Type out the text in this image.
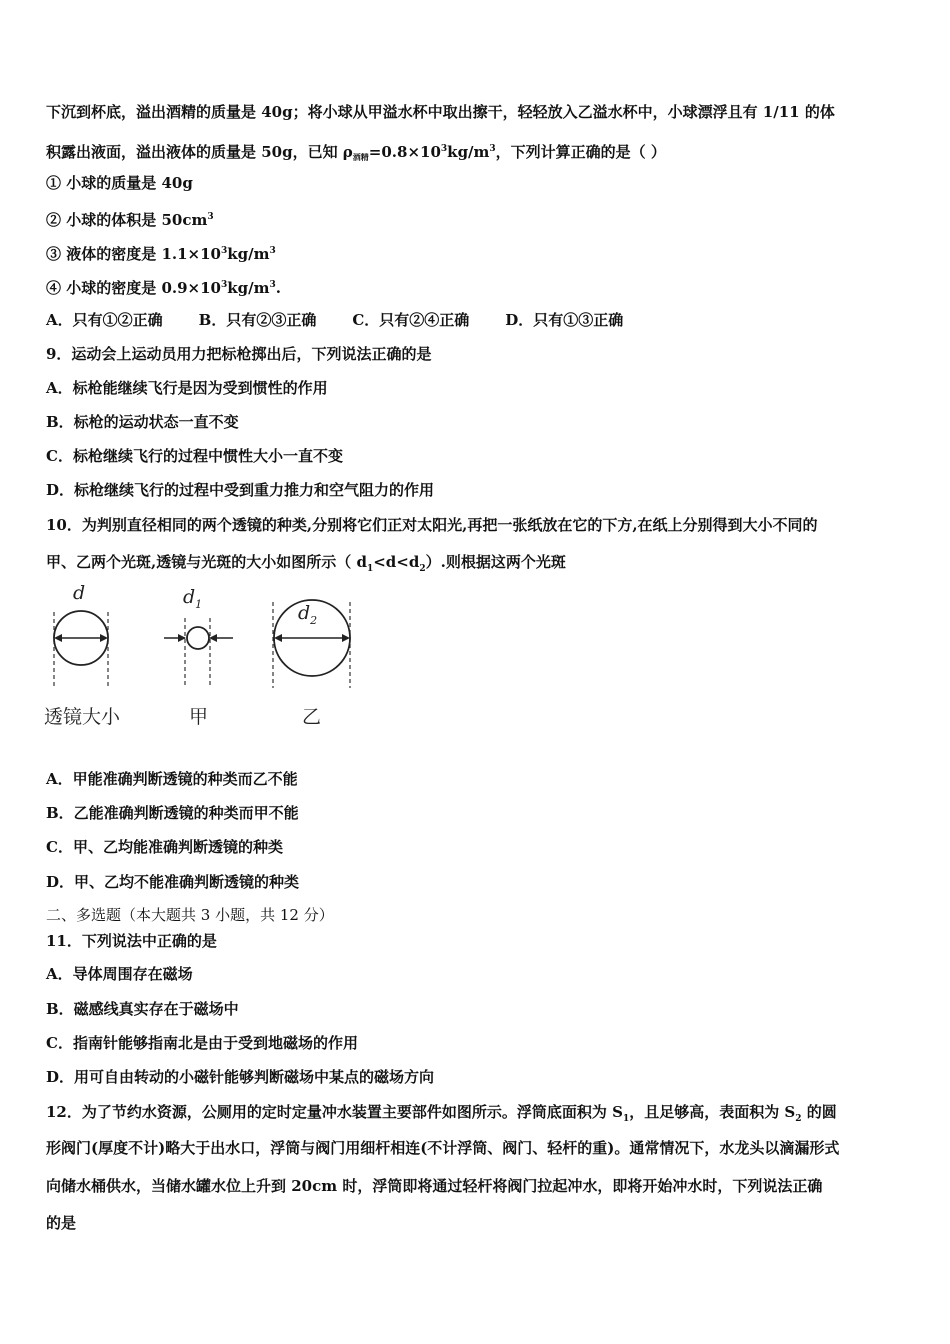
下沉到杯底，溢出酒精的质量是 40g；将小球从甲溢水杯中取出擦干，轻轻放入乙溢水杯中，小球漂浮且有 1/11 的体
积露出液面，溢出液体的质量是 50g，已知 $\rho_{酒精}=0.8\times 10^3kg/m^3$，下列计算正确的是（ ）
① 小球的质量是 40g
② 小球的体积是 $50cm^3$
③ 液体的密度是 $1.1\times 10^3kg/m^3$
④ 小球的密度是 $0.9\times 10^3kg/m^3$.
A．只有①②正确 B．只有②③正确 C．只有②④正确 D．只有①③正确
9．运动会上运动员用力把标枪掷出后，下列说法正确的是
A．标枪能继续飞行是因为受到惯性的作用
B．标枪的运动状态一直不变
C．标枪继续飞行的过程中惯性大小一直不变
D．标枪继续飞行的过程中受到重力推力和空气阻力的作用
10．为判别直径相同的两个透镜的种类,分别将它们正对太阳光,再把一张纸放在它的下方,在纸上分别得到大小不同的
甲、乙两个光斑,透镜与光斑的大小如图所示（ $d_1<d<d_2$）.则根据这两个光斑
d	$d_1$	$d_2$
透镜大小	甲	乙
A．甲能准确判断透镜的种类而乙不能
B．乙能准确判断透镜的种类而甲不能
C．甲、乙均能准确判断透镜的种类
D．甲、乙均不能准确判断透镜的种类
二、多选题（本大题共 3 小题，共 12 分）
11．下列说法中正确的是
A．导体周围存在磁场
B．磁感线真实存在于磁场中
C．指南针能够指南北是由于受到地磁场的作用
D．用可自由转动的小磁针能够判断磁场中某点的磁场方向
12．为了节约水资源，公厕用的定时定量冲水装置主要部件如图所示。浮筒底面积为 $S_1$，且足够高，表面积为 $S_2$ 的圆
形阀门(厚度不计)略大于出水口，浮筒与阀门用细杆相连(不计浮筒、阀门、轻杆的重)。通常情况下，水龙头以滴漏形式
向储水桶供水，当储水罐水位上升到 20cm 时，浮筒即将通过轻杆将阀门拉起冲水，即将开始冲水时，下列说法正确
的是
